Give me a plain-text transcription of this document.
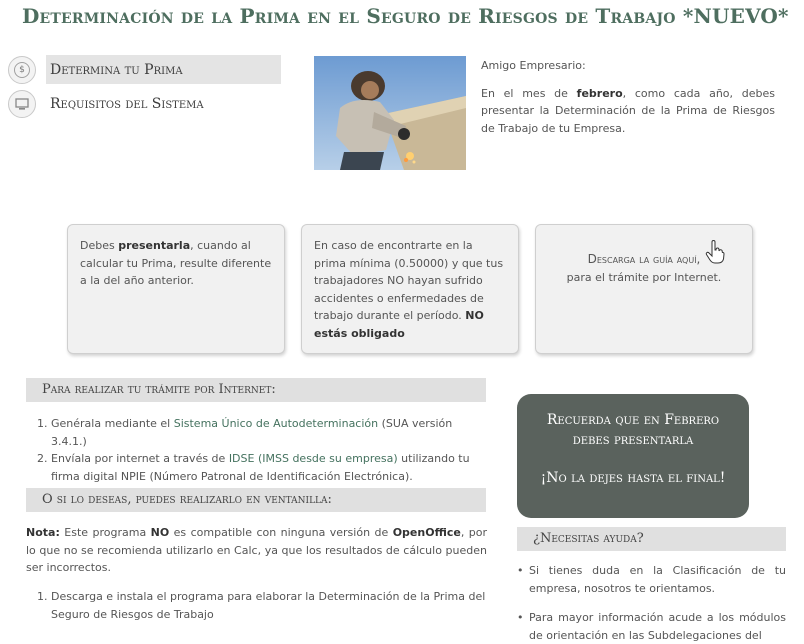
Determinación de la Prima en el Seguro de Riesgos de Trabajo *NUEVO*
$	Determina tu Prima
Requisitos del Sistema

Amigo Empresario:

En el mes de febrero, como cada año, debes presentar la Determinación de la Prima de Riesgos de Trabajo de tu Empresa.

Debes presentarla, cuando al calcular tu Prima, resulte diferente a la del año anterior.
En caso de encontrarte en la prima mínima (0.50000) y que tus trabajadores NO hayan sufrido accidentes o enfermedades de trabajo durante el período. NO estás obligado
Descarga la guía aquí,
para el trámite por Internet.
Para realizar tu trámite por Internet:
1. Genérala mediante el Sistema Único de Autodeterminación (SUA versión 3.4.1.)
2. Envíala por internet a través de IDSE (IMSS desde su empresa) utilizando tu firma digital NPIE (Número Patronal de Identificación Electrónica).
O si lo deseas, puedes realizarlo en ventanilla:

Nota: Este programa NO es compatible con ninguna versión de OpenOffice, por lo que no se recomienda utilizarlo en Calc, ya que los resultados de cálculo pueden ser incorrectos.

1. Descarga e instala el programa para elaborar la Determinación de la Prima del Seguro de Riesgos de Trabajo
Recuerda que en Febrero
debes presentarla
¡No la dejes hasta el final!
¿Necesitas ayuda?
• Si tienes duda en la Clasificación de tu empresa, nosotros te orientamos.
• Para mayor información acude a los módulos de orientación en las Subdelegaciones del
